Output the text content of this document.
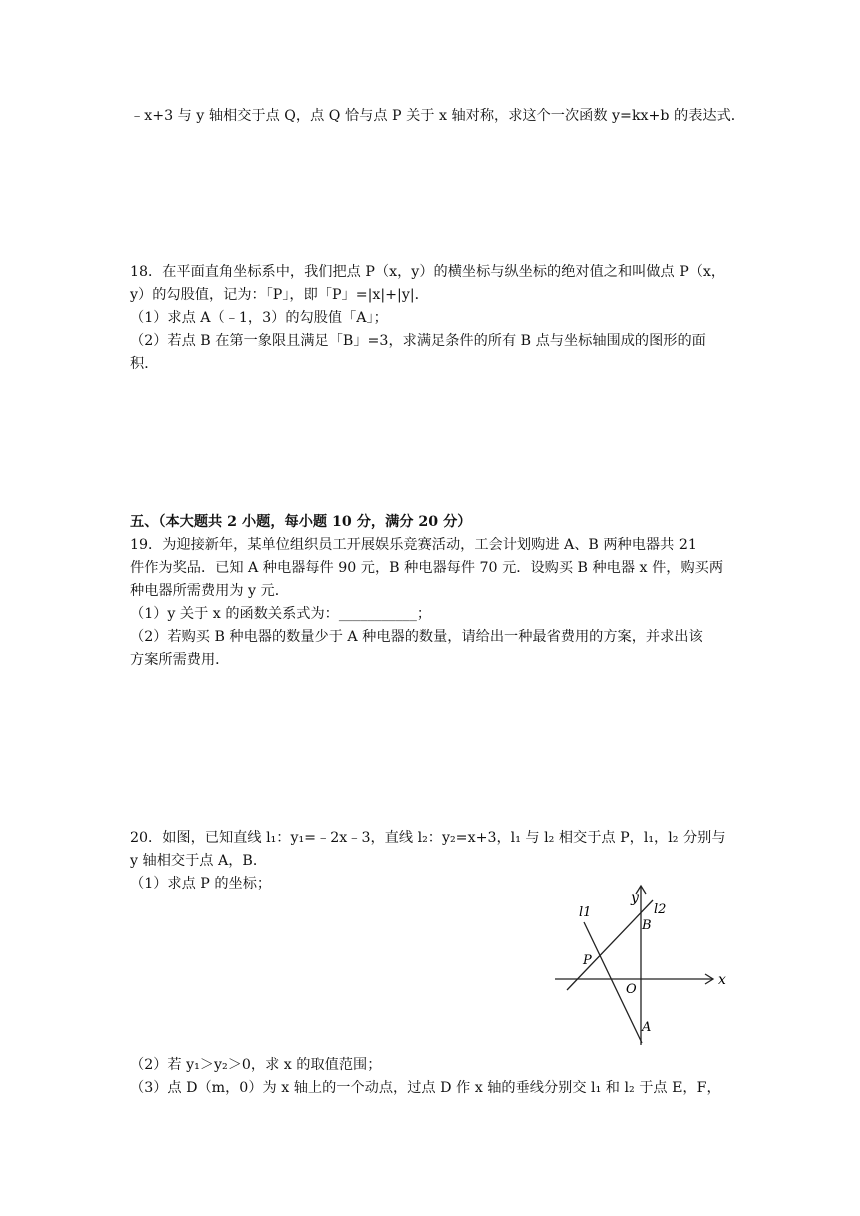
﹣x+3 与 y 轴相交于点 Q，点 Q 恰与点 P 关于 x 轴对称，求这个一次函数 y=kx+b 的表达式．
18．在平面直角坐标系中，我们把点 P（x，y）的横坐标与纵坐标的绝对值之和叫做点 P（x，
y）的勾股值，记为：「P」，即「P」=|x|+|y|．
（1）求点 A（﹣1，3）的勾股值「A」；
（2）若点 B 在第一象限且满足「B」=3，求满足条件的所有 B 点与坐标轴围成的图形的面
积．
五、（本大题共 2 小题，每小题 10 分，满分 20 分）
19．为迎接新年，某单位组织员工开展娱乐竞赛活动，工会计划购进 A、B 两种电器共 21
件作为奖品．已知 A 种电器每件 90 元，B 种电器每件 70 元．设购买 B 种电器 x 件，购买两
种电器所需费用为 y 元．
（1）y 关于 x 的函数关系式为：___________；
（2）若购买 B 种电器的数量少于 A 种电器的数量，请给出一种最省费用的方案，并求出该
方案所需费用．
20．如图，已知直线 l₁：y₁=﹣2x﹣3，直线 l₂：y₂=x+3，l₁ 与 l₂ 相交于点 P，l₁，l₂ 分别与
y 轴相交于点 A，B．
（1）求点 P 的坐标；
l1	l2
y
x
B
P
O
A
（2）若 y₁＞y₂＞0，求 x 的取值范围；
（3）点 D（m，0）为 x 轴上的一个动点，过点 D 作 x 轴的垂线分别交 l₁ 和 l₂ 于点 E，F，
